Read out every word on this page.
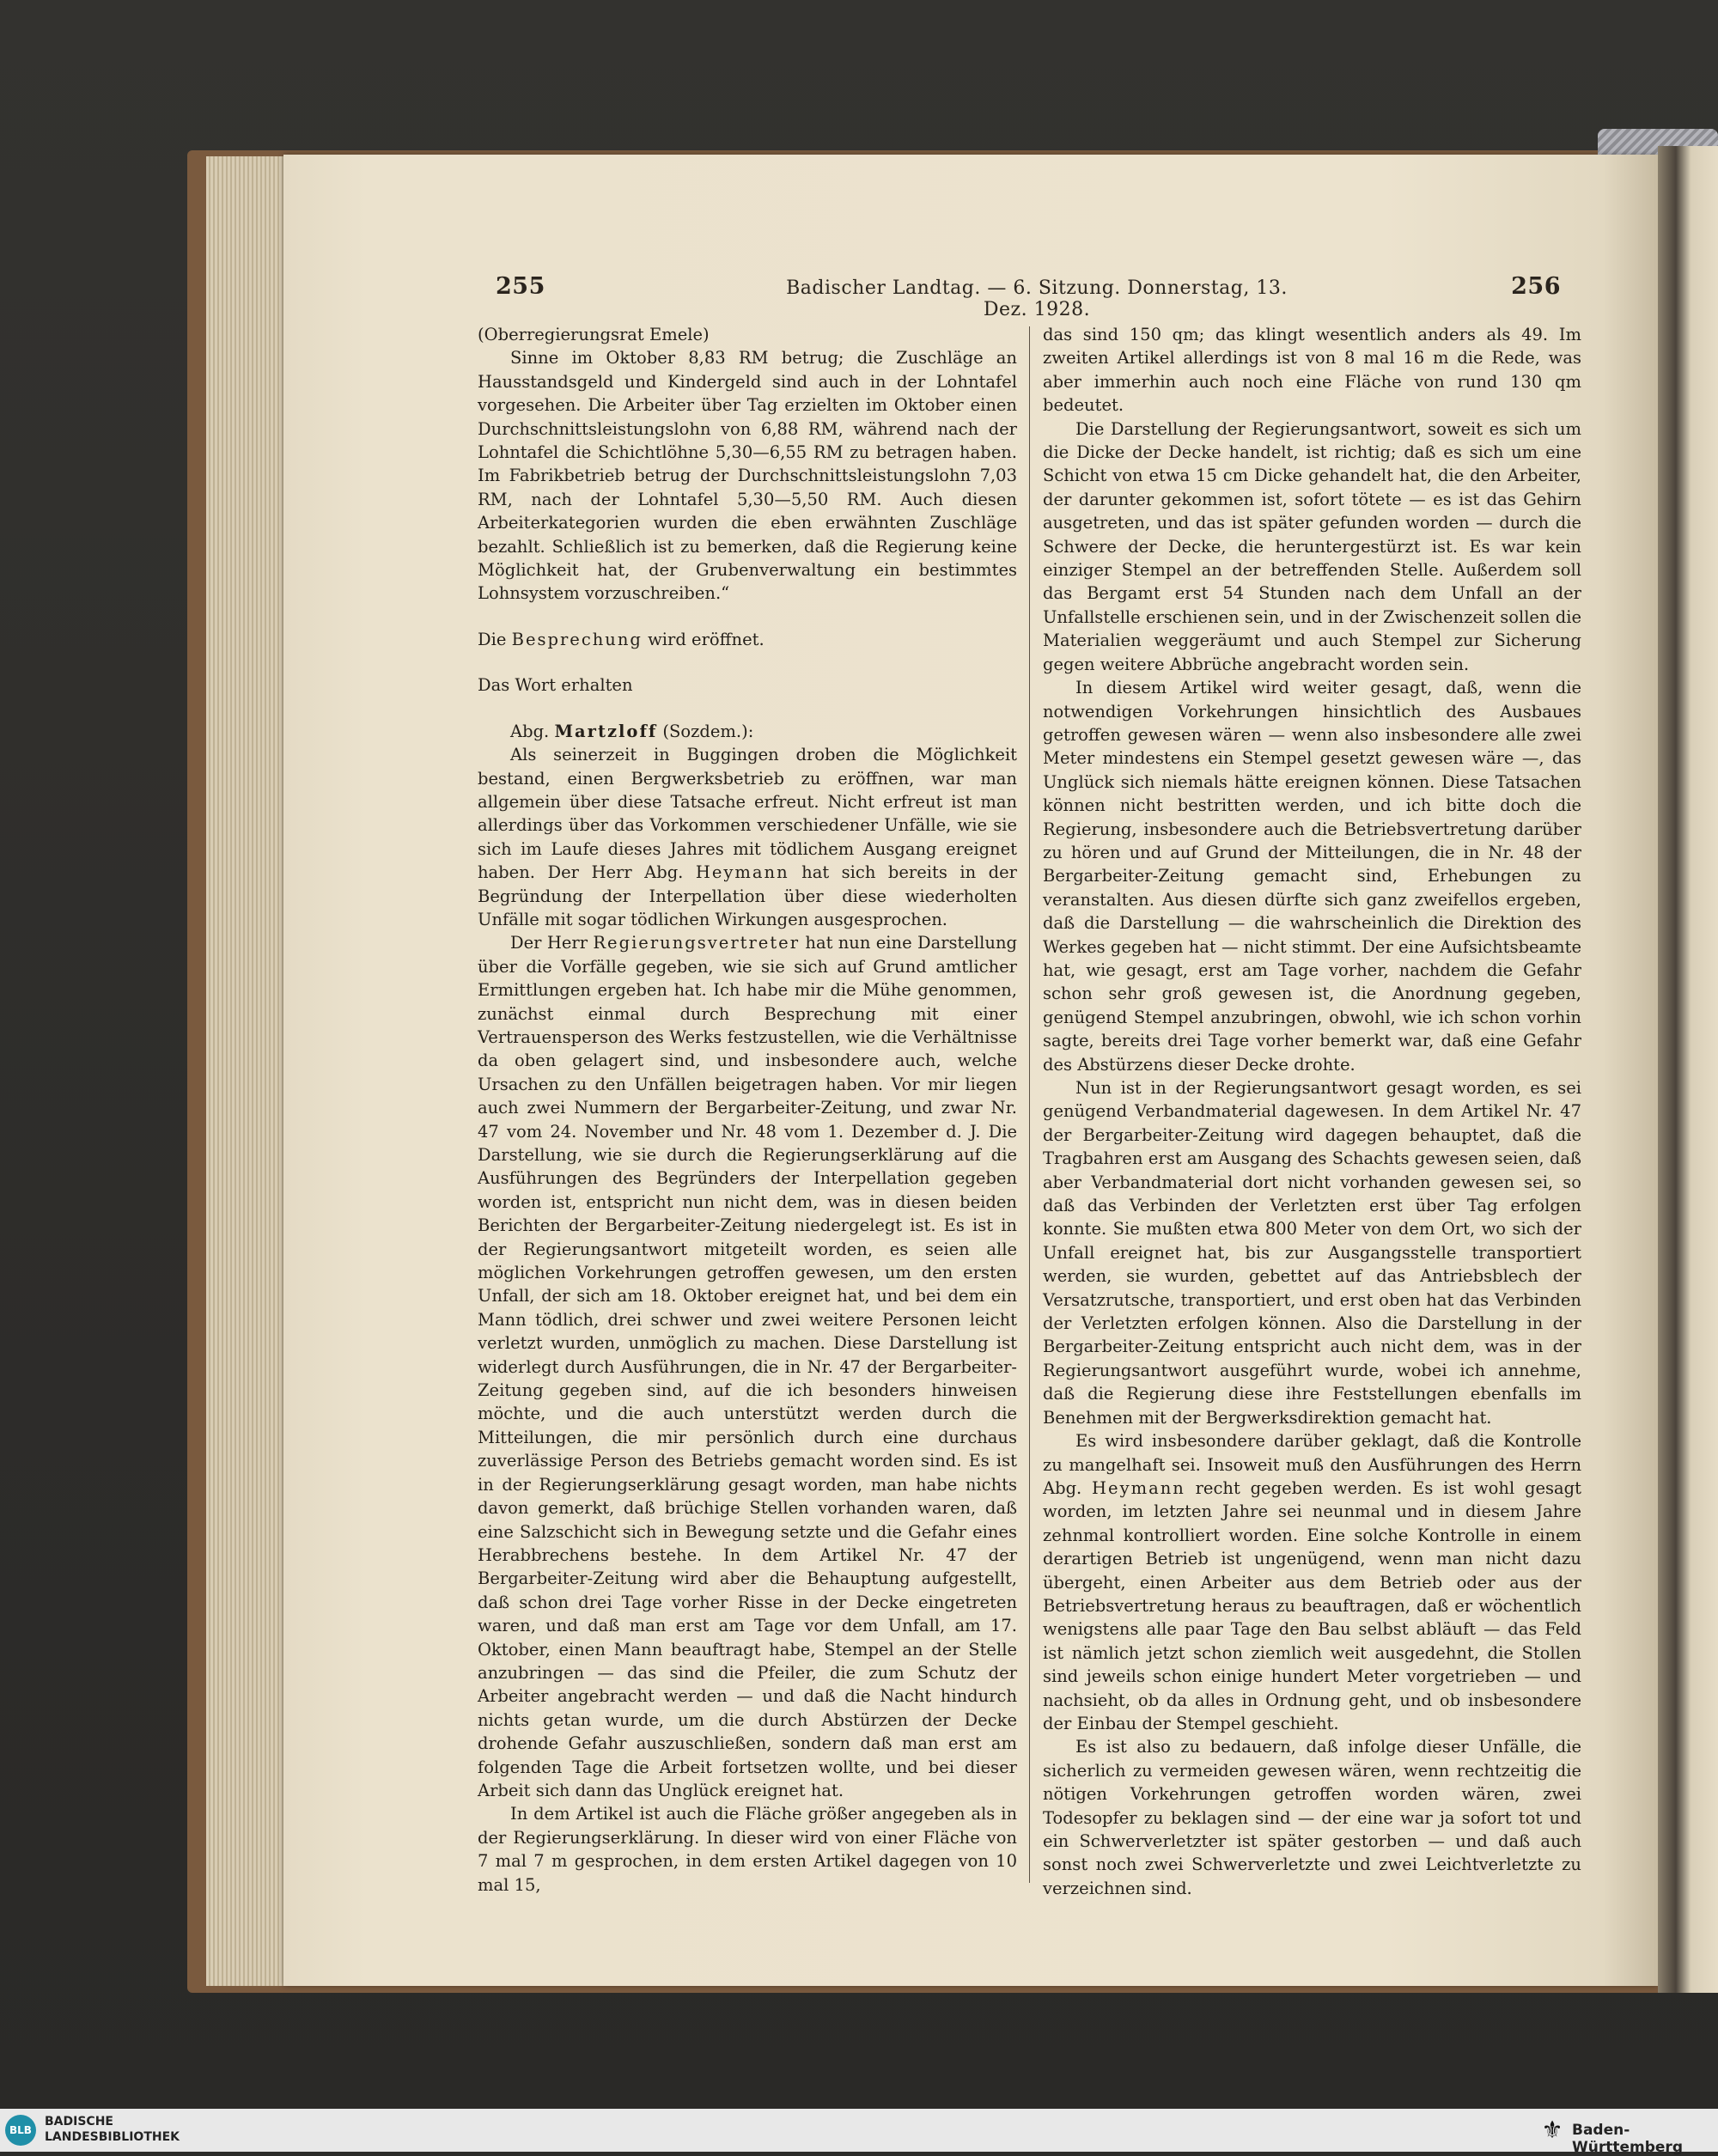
255	Badischer Landtag. — 6. Sitzung. Donnerstag, 13. Dez. 1928.
256

(Oberregierungsrat Emele)

Sinne im Oktober 8,83 RM betrug; die Zuschläge an Hausstandsgeld und Kindergeld sind auch in der Lohntafel vorgesehen. Die Arbeiter über Tag erzielten im Oktober einen Durchschnittsleistungslohn von 6,88 RM, während nach der Lohntafel die Schichtlöhne 5,30—6,55 RM zu betragen haben. Im Fabrikbetrieb betrug der Durchschnittsleistungslohn 7,03 RM, nach der Lohntafel 5,30—5,50 RM. Auch diesen Arbeiterkategorien wurden die eben erwähnten Zuschläge bezahlt. Schließlich ist zu bemerken, daß die Regierung keine Möglichkeit hat, der Grubenverwaltung ein bestimmtes Lohnsystem vorzuschreiben.“

Die Besprechung wird eröffnet.

Das Wort erhalten

Abg. Martzloff (Sozdem.):

Als seinerzeit in Buggingen droben die Möglichkeit bestand, einen Bergwerksbetrieb zu eröffnen, war man allgemein über diese Tatsache erfreut. Nicht erfreut ist man allerdings über das Vorkommen verschiedener Unfälle, wie sie sich im Laufe dieses Jahres mit tödlichem Ausgang ereignet haben. Der Herr Abg. Heymann hat sich bereits in der Begründung der Interpellation über diese wiederholten Unfälle mit sogar tödlichen Wirkungen ausgesprochen.

Der Herr Regierungsvertreter hat nun eine Darstellung über die Vorfälle gegeben, wie sie sich auf Grund amtlicher Ermittlungen ergeben hat. Ich habe mir die Mühe genommen, zunächst einmal durch Besprechung mit einer Vertrauensperson des Werks festzustellen, wie die Verhältnisse da oben gelagert sind, und insbesondere auch, welche Ursachen zu den Unfällen beigetragen haben. Vor mir liegen auch zwei Nummern der Bergarbeiter-Zeitung, und zwar Nr. 47 vom 24. November und Nr. 48 vom 1. Dezember d. J. Die Darstellung, wie sie durch die Regierungserklärung auf die Ausführungen des Begründers der Interpellation gegeben worden ist, entspricht nun nicht dem, was in diesen beiden Berichten der Bergarbeiter-Zeitung niedergelegt ist. Es ist in der Regierungsantwort mitgeteilt worden, es seien alle möglichen Vorkehrungen getroffen gewesen, um den ersten Unfall, der sich am 18. Oktober ereignet hat, und bei dem ein Mann tödlich, drei schwer und zwei weitere Personen leicht verletzt wurden, unmöglich zu machen. Diese Darstellung ist widerlegt durch Ausführungen, die in Nr. 47 der Bergarbeiter-Zeitung gegeben sind, auf die ich besonders hinweisen möchte, und die auch unterstützt werden durch die Mitteilungen, die mir persönlich durch eine durchaus zuverlässige Person des Betriebs gemacht worden sind. Es ist in der Regierungserklärung gesagt worden, man habe nichts davon gemerkt, daß brüchige Stellen vorhanden waren, daß eine Salzschicht sich in Bewegung setzte und die Gefahr eines Herabbrechens bestehe. In dem Artikel Nr. 47 der Bergarbeiter-Zeitung wird aber die Behauptung aufgestellt, daß schon drei Tage vorher Risse in der Decke eingetreten waren, und daß man erst am Tage vor dem Unfall, am 17. Oktober, einen Mann beauftragt habe, Stempel an der Stelle anzubringen — das sind die Pfeiler, die zum Schutz der Arbeiter angebracht werden — und daß die Nacht hindurch nichts getan wurde, um die durch Abstürzen der Decke drohende Gefahr auszuschließen, sondern daß man erst am folgenden Tage die Arbeit fortsetzen wollte, und bei dieser Arbeit sich dann das Unglück ereignet hat.

In dem Artikel ist auch die Fläche größer angegeben als in der Regierungserklärung. In dieser wird von einer Fläche von 7 mal 7 m gesprochen, in dem ersten Artikel dagegen von 10 mal 15,

das sind 150 qm; das klingt wesentlich anders als 49. Im zweiten Artikel allerdings ist von 8 mal 16 m die Rede, was aber immerhin auch noch eine Fläche von rund 130 qm bedeutet.

Die Darstellung der Regierungsantwort, soweit es sich um die Dicke der Decke handelt, ist richtig; daß es sich um eine Schicht von etwa 15 cm Dicke gehandelt hat, die den Arbeiter, der darunter gekommen ist, sofort tötete — es ist das Gehirn ausgetreten, und das ist später gefunden worden — durch die Schwere der Decke, die heruntergestürzt ist. Es war kein einziger Stempel an der betreffenden Stelle. Außerdem soll das Bergamt erst 54 Stunden nach dem Unfall an der Unfallstelle erschienen sein, und in der Zwischenzeit sollen die Materialien weggeräumt und auch Stempel zur Sicherung gegen weitere Abbrüche angebracht worden sein.

In diesem Artikel wird weiter gesagt, daß, wenn die notwendigen Vorkehrungen hinsichtlich des Ausbaues getroffen gewesen wären — wenn also insbesondere alle zwei Meter mindestens ein Stempel gesetzt gewesen wäre —, das Unglück sich niemals hätte ereignen können. Diese Tatsachen können nicht bestritten werden, und ich bitte doch die Regierung, insbesondere auch die Betriebsvertretung darüber zu hören und auf Grund der Mitteilungen, die in Nr. 48 der Bergarbeiter-Zeitung gemacht sind, Erhebungen zu veranstalten. Aus diesen dürfte sich ganz zweifellos ergeben, daß die Darstellung — die wahrscheinlich die Direktion des Werkes gegeben hat — nicht stimmt. Der eine Aufsichtsbeamte hat, wie gesagt, erst am Tage vorher, nachdem die Gefahr schon sehr groß gewesen ist, die Anordnung gegeben, genügend Stempel anzubringen, obwohl, wie ich schon vorhin sagte, bereits drei Tage vorher bemerkt war, daß eine Gefahr des Abstürzens dieser Decke drohte.

Nun ist in der Regierungsantwort gesagt worden, es sei genügend Verbandmaterial dagewesen. In dem Artikel Nr. 47 der Bergarbeiter-Zeitung wird dagegen behauptet, daß die Tragbahren erst am Ausgang des Schachts gewesen seien, daß aber Verbandmaterial dort nicht vorhanden gewesen sei, so daß das Verbinden der Verletzten erst über Tag erfolgen konnte. Sie mußten etwa 800 Meter von dem Ort, wo sich der Unfall ereignet hat, bis zur Ausgangsstelle transportiert werden, sie wurden, gebettet auf das Antriebsblech der Versatzrutsche, transportiert, und erst oben hat das Verbinden der Verletzten erfolgen können. Also die Darstellung in der Bergarbeiter-Zeitung entspricht auch nicht dem, was in der Regierungsantwort ausgeführt wurde, wobei ich annehme, daß die Regierung diese ihre Feststellungen ebenfalls im Benehmen mit der Bergwerksdirektion gemacht hat.

Es wird insbesondere darüber geklagt, daß die Kontrolle zu mangelhaft sei. Insoweit muß den Ausführungen des Herrn Abg. Heymann recht gegeben werden. Es ist wohl gesagt worden, im letzten Jahre sei neunmal und in diesem Jahre zehnmal kontrolliert worden. Eine solche Kontrolle in einem derartigen Betrieb ist ungenügend, wenn man nicht dazu übergeht, einen Arbeiter aus dem Betrieb oder aus der Betriebsvertretung heraus zu beauftragen, daß er wöchentlich wenigstens alle paar Tage den Bau selbst abläuft — das Feld ist nämlich jetzt schon ziemlich weit ausgedehnt, die Stollen sind jeweils schon einige hundert Meter vorgetrieben — und nachsieht, ob da alles in Ordnung geht, und ob insbesondere der Einbau der Stempel geschieht.

Es ist also zu bedauern, daß infolge dieser Unfälle, die sicherlich zu vermeiden gewesen wären, wenn rechtzeitig die nötigen Vorkehrungen getroffen worden wären, zwei Todesopfer zu beklagen sind — der eine war ja sofort tot und ein Schwerverletzter ist später gestorben — und daß auch sonst noch zwei Schwerverletzte und zwei Leichtverletzte zu verzeichnen sind.

BLB
BADISCHE
LANDESBIBLIOTHEK	⚜ Baden-Württemberg
